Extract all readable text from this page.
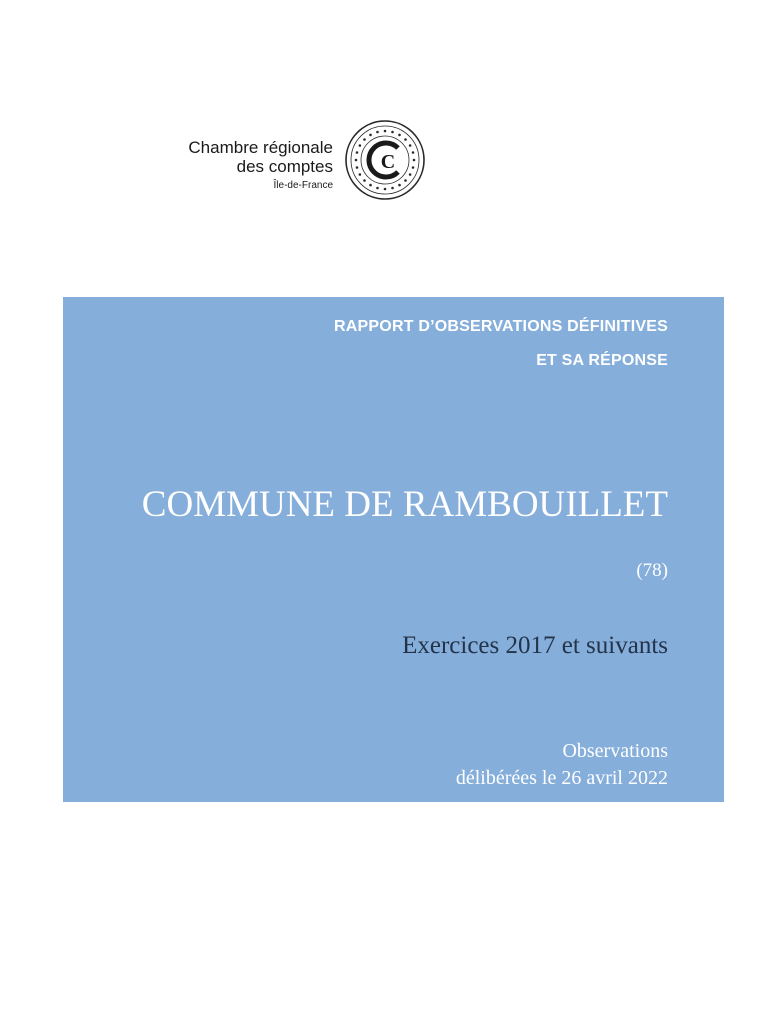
Chambre régionale
des comptes
Île-de-France
C
RAPPORT D’OBSERVATIONS DÉFINITIVES
ET SA RÉPONSE
COMMUNE DE RAMBOUILLET
(78)
Exercices 2017 et suivants
Observations
délibérées le 26 avril 2022
